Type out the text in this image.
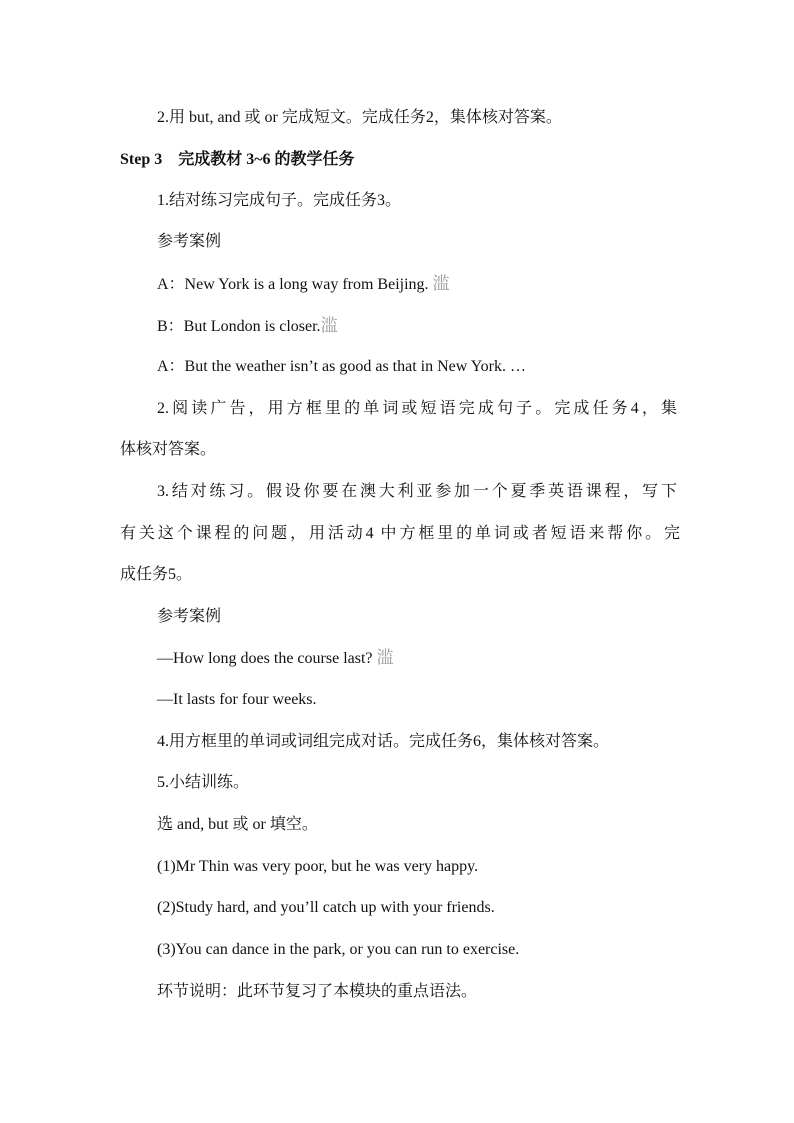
2.用 but, and 或 or 完成短文。完成任务2，集体核对答案。
Step 3　完成教材 3~6 的教学任务
1.结对练习完成句子。完成任务3。
参考案例
A：New York is a long way from Beijing. 滥
B：But London is closer.滥
A：But the weather isn’t as good as that in New York. …
2.阅读广告，用方框里的单词或短语完成句子。完成任务4，集
体核对答案。
3.结对练习。假设你要在澳大利亚参加一个夏季英语课程，写下
有关这个课程的问题，用活动4 中方框里的单词或者短语来帮你。完
成任务5。
参考案例
—How long does the course last? 滥
—It lasts for four weeks.
4.用方框里的单词或词组完成对话。完成任务6，集体核对答案。
5.小结训练。
选 and, but 或 or 填空。
(1)Mr Thin was very poor, but he was very happy.
(2)Study hard, and you’ll catch up with your friends.
(3)You can dance in the park, or you can run to exercise.
环节说明：此环节复习了本模块的重点语法。
